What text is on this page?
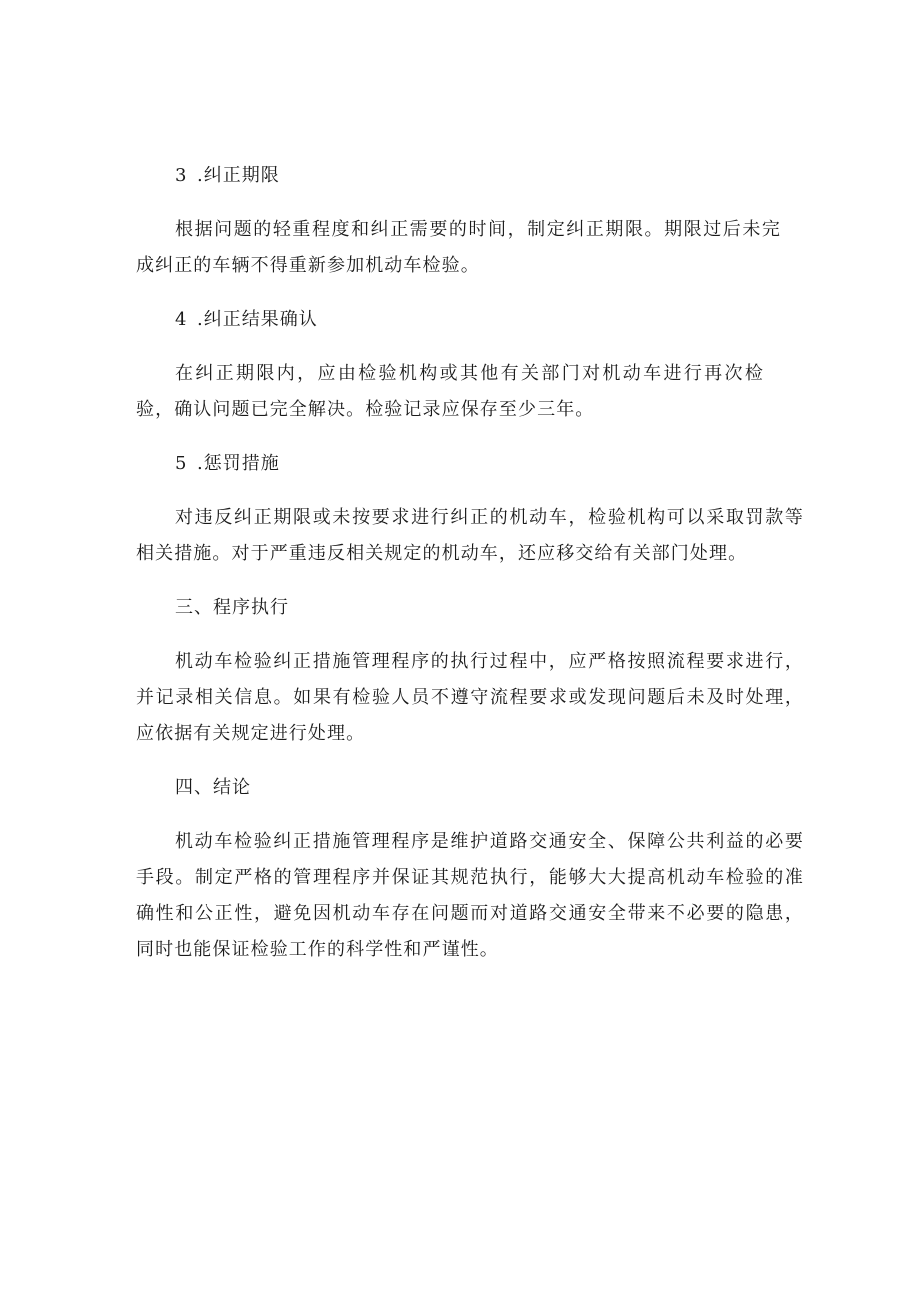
3 .纠正期限

根据问题的轻重程度和纠正需要的时间，制定纠正期限。期限过后未完成纠正的车辆不得重新参加机动车检验。

4 .纠正结果确认

在纠正期限内，应由检验机构或其他有关部门对机动车进行再次检验，确认问题已完全解决。检验记录应保存至少三年。

5 .惩罚措施

对违反纠正期限或未按要求进行纠正的机动车，检验机构可以采取罚款等相关措施。对于严重违反相关规定的机动车，还应移交给有关部门处理。

三、程序执行

机动车检验纠正措施管理程序的执行过程中，应严格按照流程要求进行，并记录相关信息。如果有检验人员不遵守流程要求或发现问题后未及时处理，应依据有关规定进行处理。

四、结论

机动车检验纠正措施管理程序是维护道路交通安全、保障公共利益的必要手段。制定严格的管理程序并保证其规范执行，能够大大提高机动车检验的准确性和公正性，避免因机动车存在问题而对道路交通安全带来不必要的隐患，同时也能保证检验工作的科学性和严谨性。
